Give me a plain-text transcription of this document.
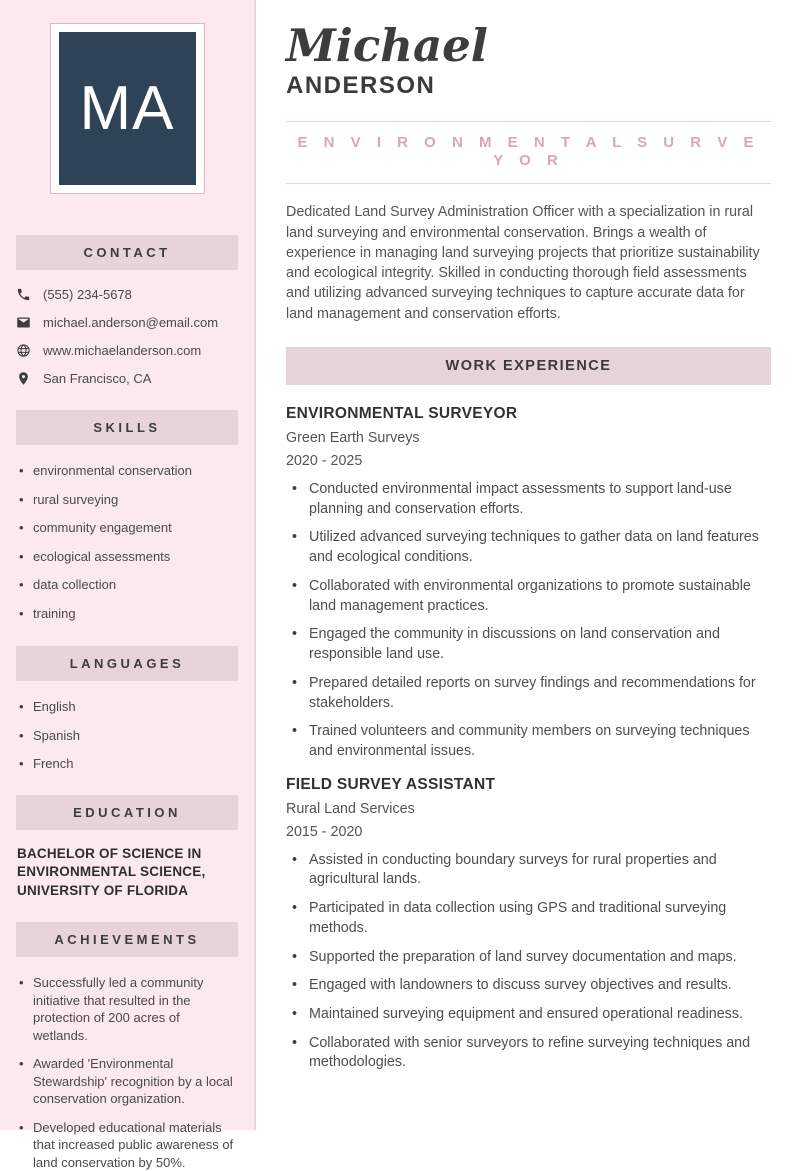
MA
CONTACT
(555) 234-5678
michael.anderson@email.com
www.michaelanderson.com
San Francisco, CA
SKILLS
• environmental conservation
• rural surveying
• community engagement
• ecological assessments
• data collection
• training
LANGUAGES
• English
• Spanish
• French
EDUCATION
BACHELOR OF SCIENCE IN ENVIRONMENTAL SCIENCE, UNIVERSITY OF FLORIDA
ACHIEVEMENTS
• Successfully led a community initiative that resulted in the protection of 200 acres of wetlands.
• Awarded 'Environmental Stewardship' recognition by a local conservation organization.
• Developed educational materials that increased public awareness of land conservation by 50%.
Michael
ANDERSON
E N V I R O N M E N T A L S U R V E Y O R

Dedicated Land Survey Administration Officer with a specialization in rural land surveying and environmental conservation. Brings a wealth of experience in managing land surveying projects that prioritize sustainability and ecological integrity. Skilled in conducting thorough field assessments and utilizing advanced surveying techniques to capture accurate data for land management and conservation efforts.

WORK EXPERIENCE
ENVIRONMENTAL SURVEYOR
Green Earth Surveys
2020 - 2025
• Conducted environmental impact assessments to support land-use planning and conservation efforts.
• Utilized advanced surveying techniques to gather data on land features and ecological conditions.
• Collaborated with environmental organizations to promote sustainable land management practices.
• Engaged the community in discussions on land conservation and responsible land use.
• Prepared detailed reports on survey findings and recommendations for stakeholders.
• Trained volunteers and community members on surveying techniques and environmental issues.
FIELD SURVEY ASSISTANT
Rural Land Services
2015 - 2020
• Assisted in conducting boundary surveys for rural properties and agricultural lands.
• Participated in data collection using GPS and traditional surveying methods.
• Supported the preparation of land survey documentation and maps.
• Engaged with landowners to discuss survey objectives and results.
• Maintained surveying equipment and ensured operational readiness.
• Collaborated with senior surveyors to refine surveying techniques and methodologies.
